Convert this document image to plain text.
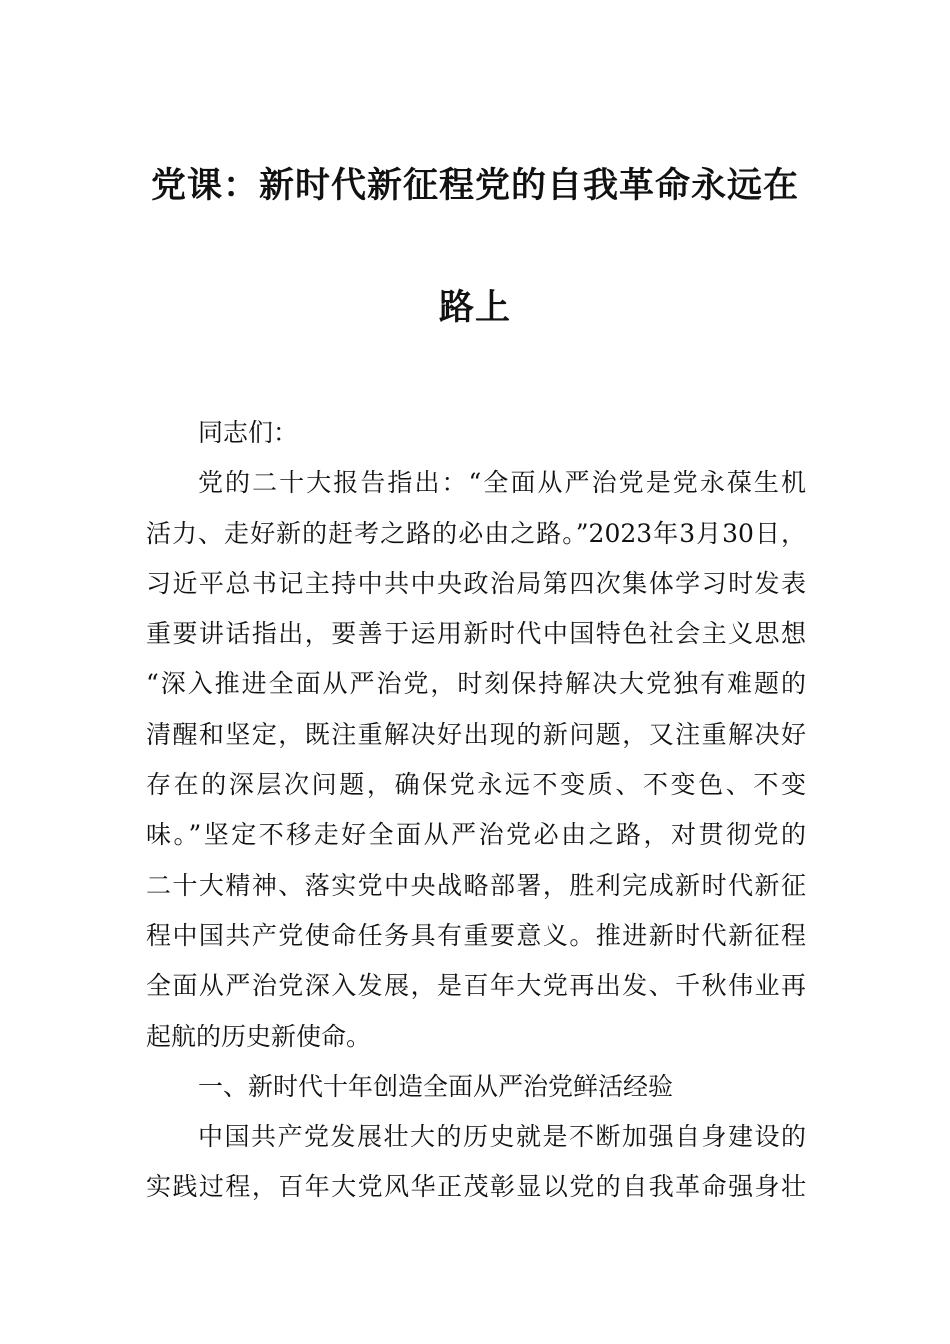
党课：新时代新征程党的自我革命永远在
路上
同志们：
党的二十大报告指出：“全面从严治党是党永葆生机
活力、走好新的赶考之路的必由之路。”2023年3月30日，
习近平总书记主持中共中央政治局第四次集体学习时发表
重要讲话指出，要善于运用新时代中国特色社会主义思想
“深入推进全面从严治党，时刻保持解决大党独有难题的
清醒和坚定，既注重解决好出现的新问题，又注重解决好
存在的深层次问题，确保党永远不变质、不变色、不变
味。”坚定不移走好全面从严治党必由之路，对贯彻党的
二十大精神、落实党中央战略部署，胜利完成新时代新征
程中国共产党使命任务具有重要意义。推进新时代新征程
全面从严治党深入发展，是百年大党再出发、千秋伟业再
起航的历史新使命。
一、新时代十年创造全面从严治党鲜活经验
中国共产党发展壮大的历史就是不断加强自身建设的
实践过程，百年大党风华正茂彰显以党的自我革命强身壮
